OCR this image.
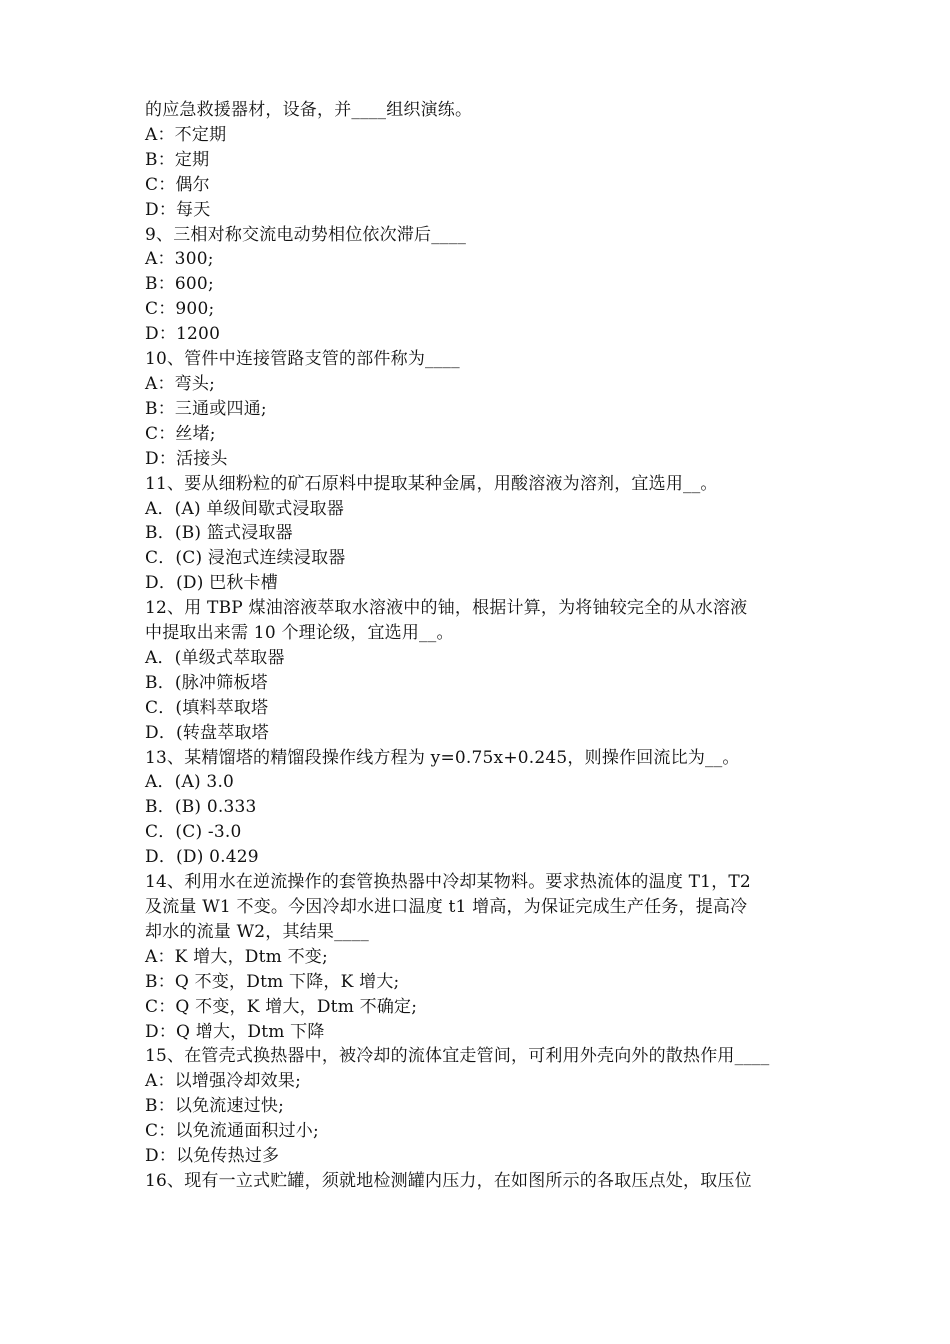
的应急救援器材，设备，并____组织演练。
A：不定期
B：定期
C：偶尔
D：每天
9、三相对称交流电动势相位依次滞后____
A：300;
B：600;
C：900;
D：1200
10、管件中连接管路支管的部件称为____
A：弯头;
B：三通或四通;
C：丝堵;
D：活接头
11、要从细粉粒的矿石原料中提取某种金属，用酸溶液为溶剂，宜选用__。
A．(A) 单级间歇式浸取器
B．(B) 篮式浸取器
C．(C) 浸泡式连续浸取器
D．(D) 巴秋卡槽
12、用 TBP 煤油溶液萃取水溶液中的铀，根据计算，为将铀较完全的从水溶液
中提取出来需 10 个理论级，宜选用__。
A．(单级式萃取器
B．(脉冲筛板塔
C．(填料萃取塔
D．(转盘萃取塔
13、某精馏塔的精馏段操作线方程为 y=0.75x+0.245，则操作回流比为__。
A．(A) 3.0
B．(B) 0.333
C．(C) -3.0
D．(D) 0.429
14、利用水在逆流操作的套管换热器中冷却某物料。要求热流体的温度 T1，T2
及流量 W1 不变。今因冷却水进口温度 t1 增高，为保证完成生产任务，提高冷
却水的流量 W2，其结果____
A：K 增大，Dtm 不变;
B：Q 不变，Dtm 下降，K 增大;
C：Q 不变，K 增大，Dtm 不确定;
D：Q 增大，Dtm 下降
15、在管壳式换热器中，被冷却的流体宜走管间，可利用外壳向外的散热作用____
A：以增强冷却效果;
B：以免流速过快;
C：以免流通面积过小;
D：以免传热过多
16、现有一立式贮罐，须就地检测罐内压力，在如图所示的各取压点处，取压位
